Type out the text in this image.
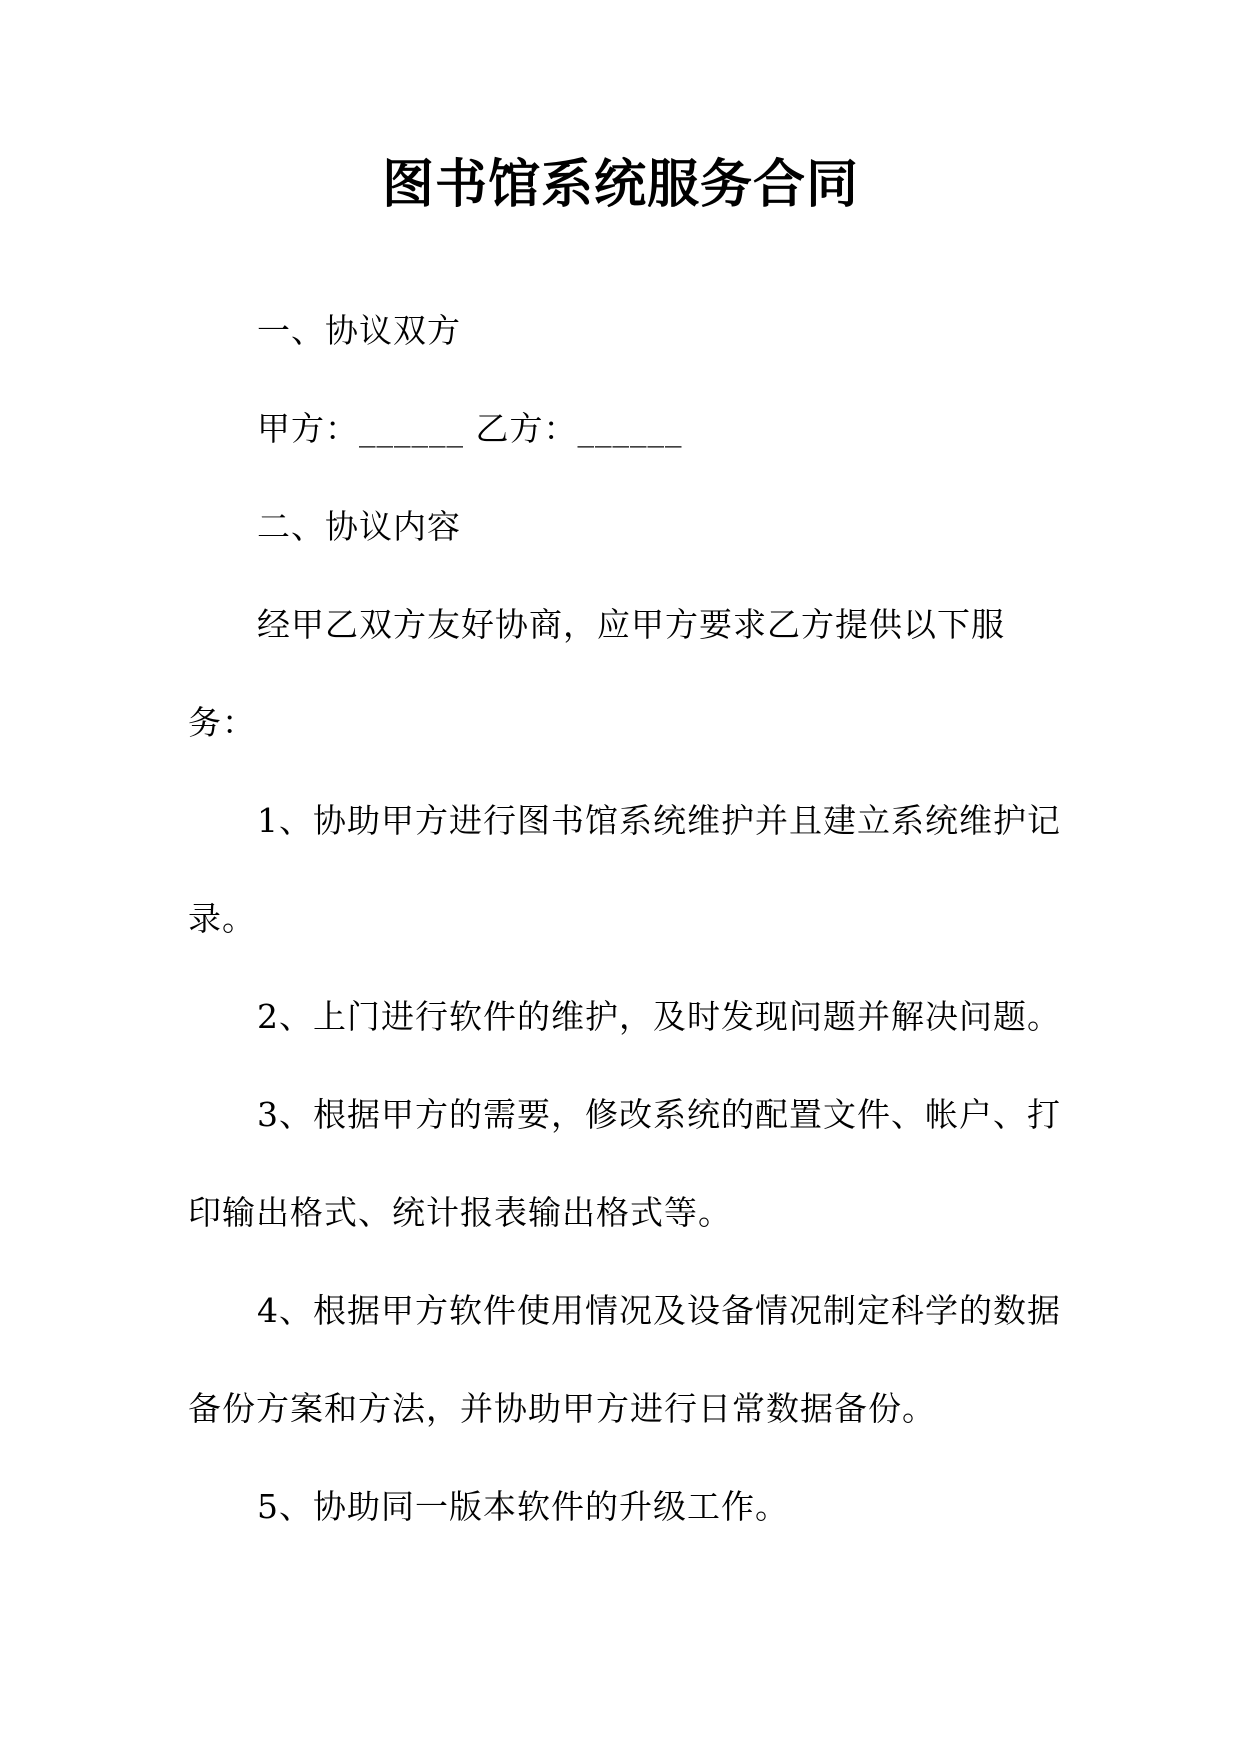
图书馆系统服务合同

一、协议双方

甲方：______ 乙方：______

二、协议内容

经甲乙双方友好协商，应甲方要求乙方提供以下服

务：

1、协助甲方进行图书馆系统维护并且建立系统维护记

录。

2、上门进行软件的维护，及时发现问题并解决问题。

3、根据甲方的需要，修改系统的配置文件、帐户、打

印输出格式、统计报表输出格式等。

4、根据甲方软件使用情况及设备情况制定科学的数据

备份方案和方法，并协助甲方进行日常数据备份。

5、协助同一版本软件的升级工作。
